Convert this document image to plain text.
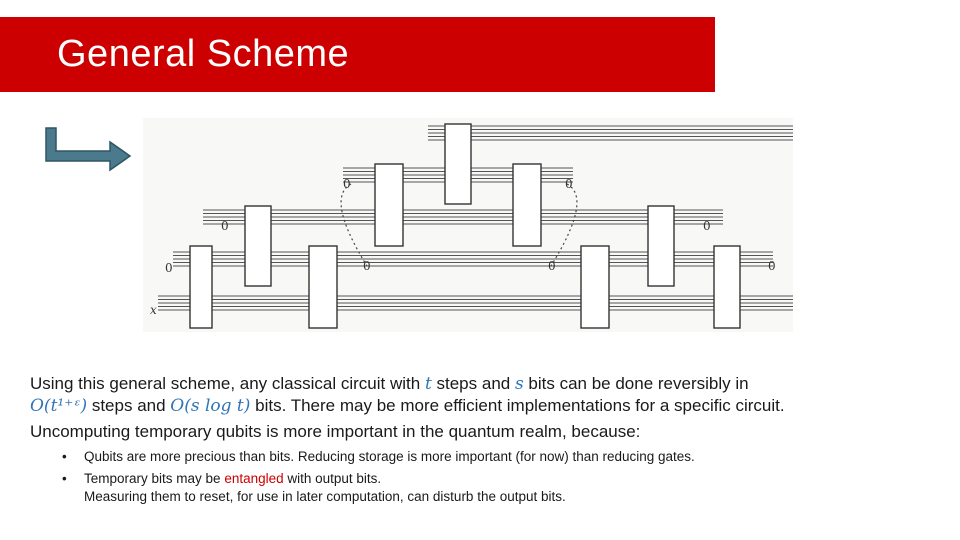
General Scheme
0
0
0	0
0	0
0
0
x
Using this general scheme, any classical circuit with t steps and s bits can be done reversibly in
O(t¹⁺ᵋ) steps and O(s log t) bits. There may be more efficient implementations for a specific circuit.
Uncomputing temporary qubits is more important in the quantum realm, because:
• Qubits are more precious than bits. Reducing storage is more important (for now) than reducing gates.
• Temporary bits may be entangled with output bits.
Measuring them to reset, for use in later computation, can disturb the output bits.
